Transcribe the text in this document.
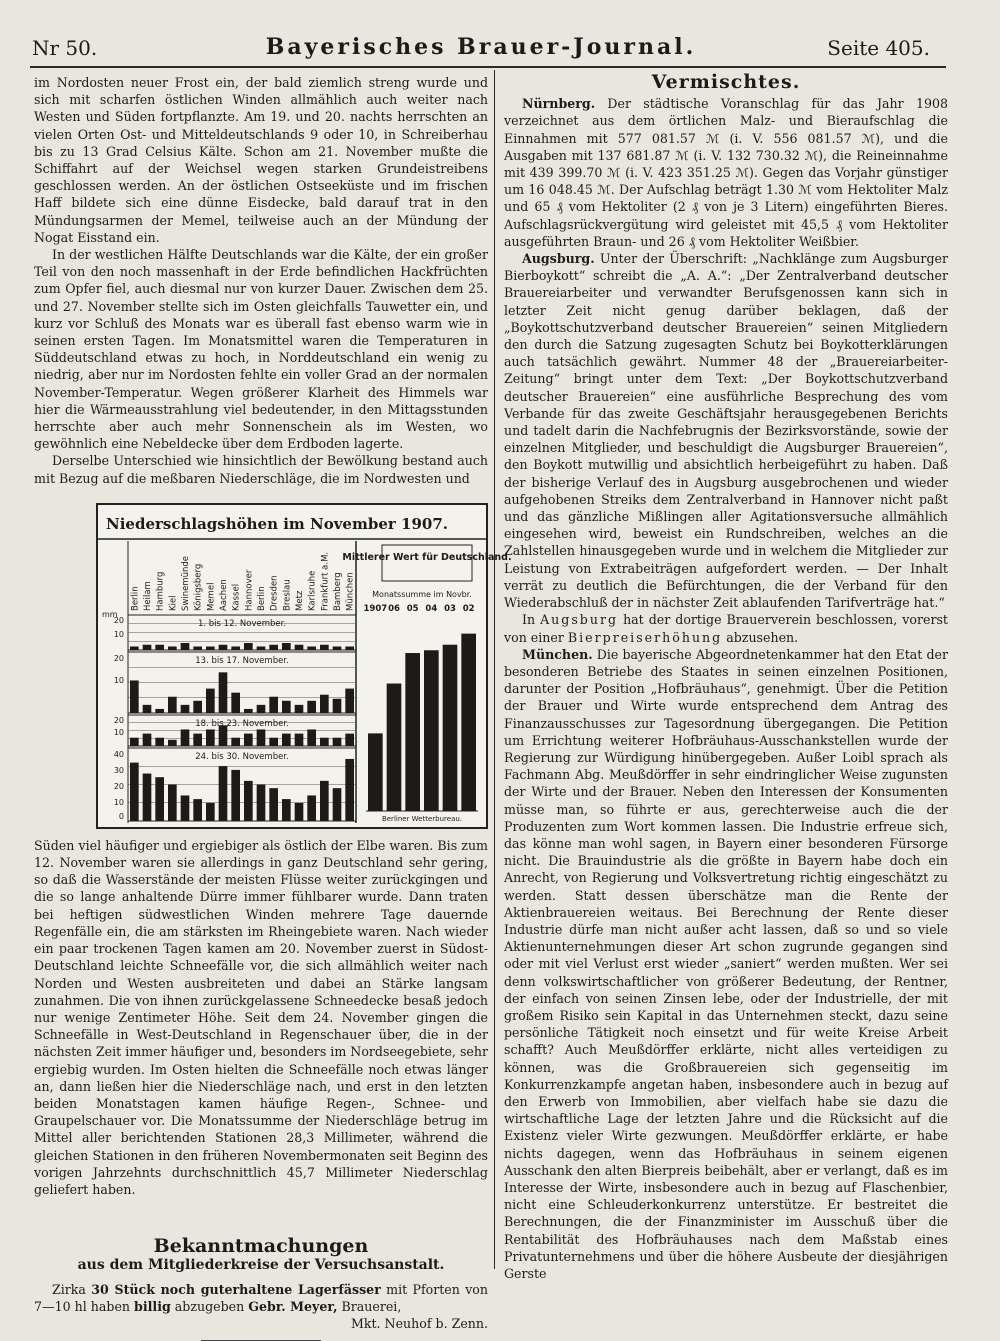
Nr 50.	Bayerisches Brauer-Journal.	Seite 405.

im Nordosten neuer Frost ein, der bald ziemlich streng wurde und sich mit scharfen östlichen Winden allmählich auch weiter nach Westen und Süden fortpflanzte. Am 19. und 20. nachts herrschten an vielen Orten Ost- und Mitteldeutschlands 9 oder 10, in Schreiberhau bis zu 13 Grad Celsius Kälte. Schon am 21. November mußte die Schiffahrt auf der Weichsel wegen starken Grundeistreibens geschlossen werden. An der östlichen Ostseeküste und im frischen Haff bildete sich eine dünne Eisdecke, bald darauf trat in den Mündungsarmen der Memel, teilweise auch an der Mündung der Nogat Eisstand ein.

In der westlichen Hälfte Deutschlands war die Kälte, der ein großer Teil von den noch massenhaft in der Erde befindlichen Hackfrüchten zum Opfer fiel, auch diesmal nur von kurzer Dauer. Zwischen dem 25. und 27. November stellte sich im Osten gleichfalls Tauwetter ein, und kurz vor Schluß des Monats war es überall fast ebenso warm wie in seinen ersten Tagen. Im Monatsmittel waren die Temperaturen in Süddeutschland etwas zu hoch, in Norddeutschland ein wenig zu niedrig, aber nur im Nordosten fehlte ein voller Grad an der normalen November-Temperatur. Wegen größerer Klarheit des Himmels war hier die Wärmeausstrahlung viel bedeutender, in den Mittagsstunden herrschte aber auch mehr Sonnenschein als im Westen, wo gewöhnlich eine Nebeldecke über dem Erdboden lagerte.

Derselbe Unterschied wie hinsichtlich der Bewölkung bestand auch mit Bezug auf die meßbaren Niederschläge, die im Nordwesten und

Niederschlagshöhen im November 1907.
Berlin Heilam Hamburg Kiel Swinemünde Königsberg Memel Aachen Kassel Hannover Berlin Dresden Breslau Metz Karlsruhe Frankfurt a.M. Bamberg München
1. bis 12. November.
13. bis 17. November.
18. bis 23. November.
24. bis 30. November.
mm
20
10
20
10
20
10
40
30
20
10
0
Mittlerer Wert für Deutschland.
Monatssumme im Novbr.
1907 06 05 04 03 02
Berliner Wetterbureau.

Süden viel häufiger und ergiebiger als östlich der Elbe waren. Bis zum 12. November waren sie allerdings in ganz Deutschland sehr gering, so daß die Wasserstände der meisten Flüsse weiter zurückgingen und die so lange anhaltende Dürre immer fühlbarer wurde. Dann traten bei heftigen südwestlichen Winden mehrere Tage dauernde Regenfälle ein, die am stärksten im Rheingebiete waren. Nach wieder ein paar trockenen Tagen kamen am 20. November zuerst in Südost-Deutschland leichte Schneefälle vor, die sich allmählich weiter nach Norden und Westen ausbreiteten und dabei an Stärke langsam zunahmen. Die von ihnen zurückgelassene Schneedecke besaß jedoch nur wenige Zentimeter Höhe. Seit dem 24. November gingen die Schneefälle in West-Deutschland in Regenschauer über, die in der nächsten Zeit immer häufiger und, besonders im Nordseegebiete, sehr ergiebig wurden. Im Osten hielten die Schneefälle noch etwas länger an, dann ließen hier die Niederschläge nach, und erst in den letzten beiden Monatstagen kamen häufige Regen-, Schnee- und Graupelschauer vor. Die Monatssumme der Niederschläge betrug im Mittel aller berichtenden Stationen 28,3 Millimeter, während die gleichen Stationen in den früheren Novembermonaten seit Beginn des vorigen Jahrzehnts durchschnittlich 45,7 Millimeter Niederschlag geliefert haben.

Bekanntmachungen
aus dem Mitgliederkreise der Versuchsanstalt.
Zirka 30 Stück noch guterhaltene Lagerfässer mit Pforten von 7—10 hl haben billig abzugeben Gebr. Meyer, Brauerei,
Mkt. Neuhof b. Zenn.
Vermischtes.

Nürnberg. Der städtische Voranschlag für das Jahr 1908 verzeichnet aus dem örtlichen Malz- und Bieraufschlag die Einnahmen mit 577 081.57 ℳ (i. V. 556 081.57 ℳ), und die Ausgaben mit 137 681.87 ℳ (i. V. 132 730.32 ℳ), die Reineinnahme mit 439 399.70 ℳ (i. V. 423 351.25 ℳ). Gegen das Vorjahr günstiger um 16 048.45 ℳ. Der Aufschlag beträgt 1.30 ℳ vom Hektoliter Malz und 65 ₰ vom Hektoliter (2 ₰ von je 3 Litern) eingeführten Bieres. Aufschlagsrückvergütung wird geleistet mit 45,5 ₰ vom Hektoliter ausgeführten Braun- und 26 ₰ vom Hektoliter Weißbier.

Augsburg. Unter der Überschrift: „Nachklänge zum Augsburger Bierboykott“ schreibt die „A. A.“: „Der Zentralverband deutscher Brauereiarbeiter und verwandter Berufsgenossen kann sich in letzter Zeit nicht genug darüber beklagen, daß der „Boykottschutzverband deutscher Brauereien“ seinen Mitgliedern den durch die Satzung zugesagten Schutz bei Boykotterklärungen auch tatsächlich gewährt. Nummer 48 der „Brauereiarbeiter-Zeitung“ bringt unter dem Text: „Der Boykottschutzverband deutscher Brauereien“ eine ausführliche Besprechung des vom Verbande für das zweite Geschäftsjahr herausgegebenen Berichts und tadelt darin die Nachfebrugnis der Bezirksvorstände, sowie der einzelnen Mitglieder, und beschuldigt die Augsburger Brauereien“, den Boykott mutwillig und absichtlich herbeigeführt zu haben. Daß der bisherige Verlauf des in Augsburg ausgebrochenen und wieder aufgehobenen Streiks dem Zentralverband in Hannover nicht paßt und das gänzliche Mißlingen aller Agitationsversuche allmählich eingesehen wird, beweist ein Rundschreiben, welches an die Zahlstellen hinausgegeben wurde und in welchem die Mitglieder zur Leistung von Extrabeiträgen aufgefordert werden. — Der Inhalt verrät zu deutlich die Befürchtungen, die der Verband für den Wiederabschluß der in nächster Zeit ablaufenden Tarifverträge hat.“

In Augsburg hat der dortige Brauerverein beschlossen, vorerst von einer Bierpreiserhöhung abzusehen.

München. Die bayerische Abgeordnetenkammer hat den Etat der besonderen Betriebe des Staates in seinen einzelnen Positionen, darunter der Position „Hofbräuhaus“, genehmigt. Über die Petition der Brauer und Wirte wurde entsprechend dem Antrag des Finanzausschusses zur Tagesordnung übergegangen. Die Petition um Errichtung weiterer Hofbräuhaus-Ausschankstellen wurde der Regierung zur Würdigung hinübergegeben. Außer Loibl sprach als Fachmann Abg. Meußdörffer in sehr eindringlicher Weise zugunsten der Wirte und der Brauer. Neben den Interessen der Konsumenten müsse man, so führte er aus, gerechterweise auch die der Produzenten zum Wort kommen lassen. Die Industrie erfreue sich, das könne man wohl sagen, in Bayern einer besonderen Fürsorge nicht. Die Brauindustrie als die größte in Bayern habe doch ein Anrecht, von Regierung und Volksvertretung richtig eingeschätzt zu werden. Statt dessen überschätze man die Rente der Aktienbrauereien weitaus. Bei Berechnung der Rente dieser Industrie dürfe man nicht außer acht lassen, daß so und so viele Aktienunternehmungen dieser Art schon zugrunde gegangen sind oder mit viel Verlust erst wieder „saniert“ werden mußten. Wer sei denn volkswirtschaftlicher von größerer Bedeutung, der Rentner, der einfach von seinen Zinsen lebe, oder der Industrielle, der mit großem Risiko sein Kapital in das Unternehmen steckt, dazu seine persönliche Tätigkeit noch einsetzt und für weite Kreise Arbeit schafft? Auch Meußdörffer erklärte, nicht alles verteidigen zu können, was die Großbrauereien sich gegenseitig im Konkurrenzkampfe angetan haben, insbesondere auch in bezug auf den Erwerb von Immobilien, aber vielfach habe sie dazu die wirtschaftliche Lage der letzten Jahre und die Rücksicht auf die Existenz vieler Wirte gezwungen. Meußdörffer erklärte, er habe nichts dagegen, wenn das Hofbräuhaus in seinem eigenen Ausschank den alten Bierpreis beibehält, aber er verlangt, daß es im Interesse der Wirte, insbesondere auch in bezug auf Flaschenbier, nicht eine Schleuderkonkurrenz unterstütze. Er bestreitet die Berechnungen, die der Finanzminister im Ausschuß über die Rentabilität des Hofbräuhauses nach dem Maßstab eines Privatunternehmens und über die höhere Ausbeute der diesjährigen Gerste
